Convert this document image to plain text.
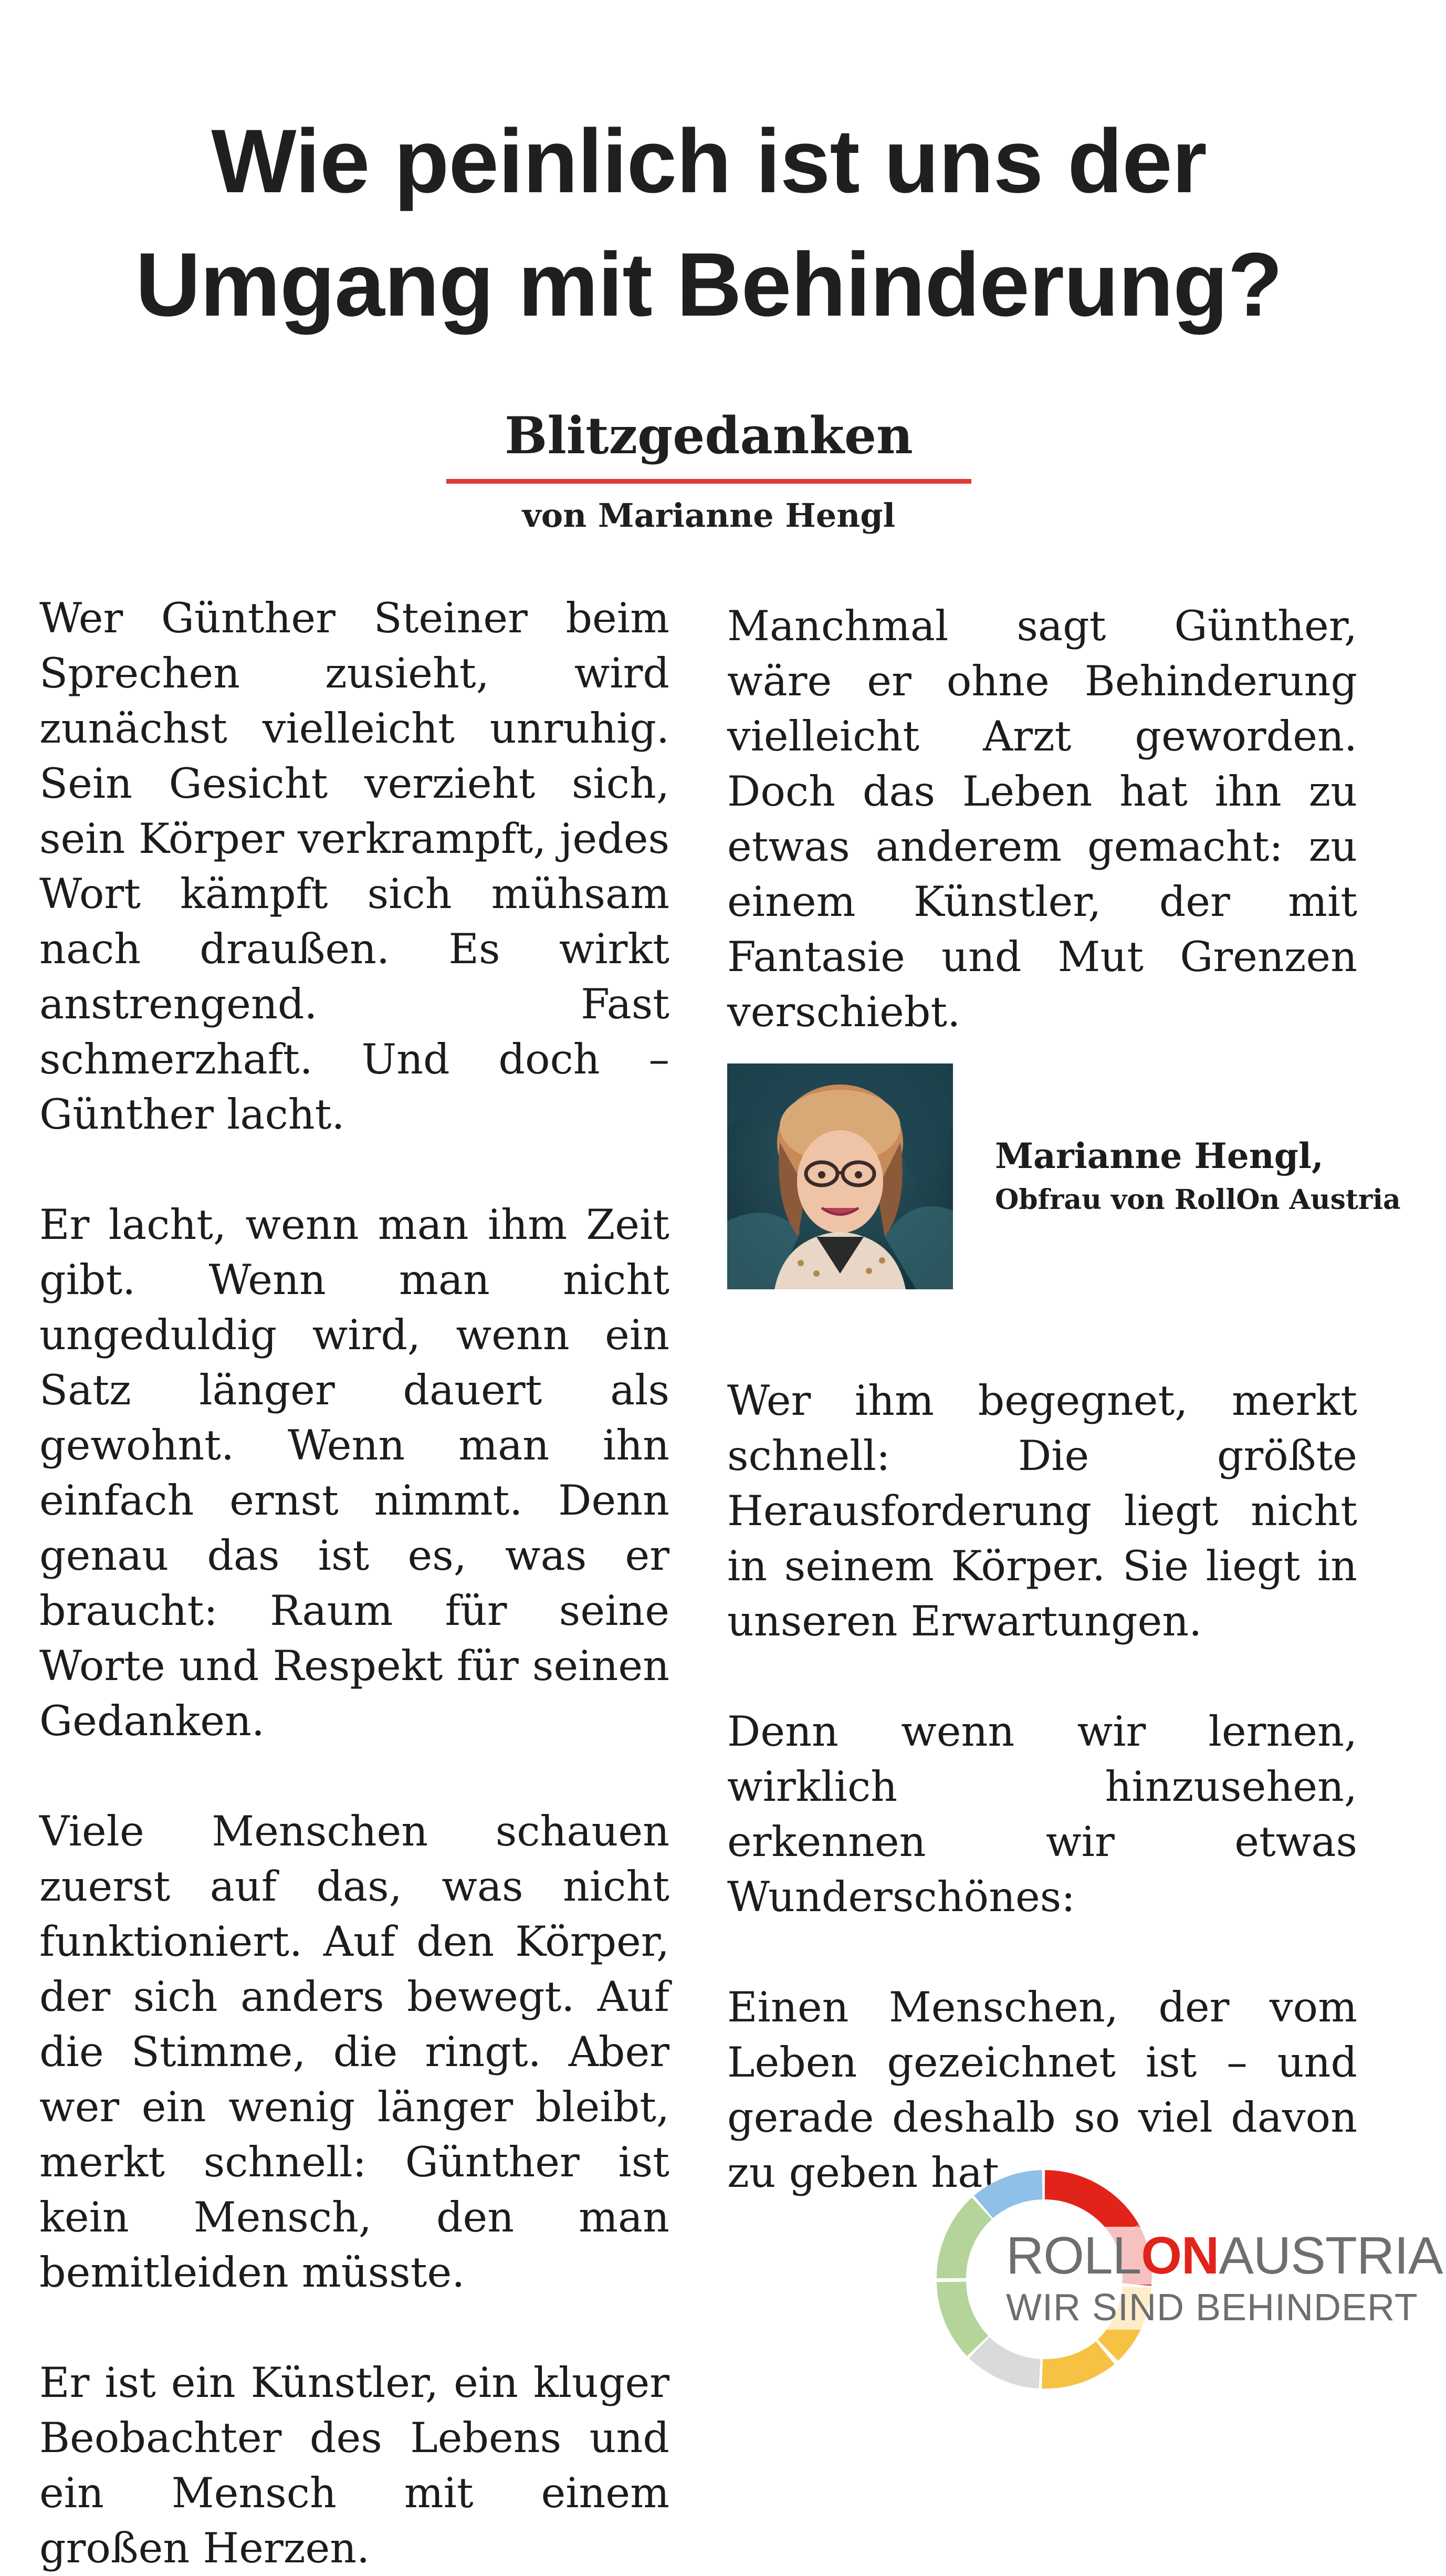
Wie peinlich ist uns der
Umgang mit Behinderung?
Blitzgedanken
von Marianne Hengl

Wer Günther Steiner beim Sprechen zusieht, wird zunächst vielleicht unruhig. Sein Gesicht verzieht sich, sein Körper verkrampft, jedes Wort kämpft sich mühsam nach draußen. Es wirkt anstrengend. Fast schmerzhaft. Und doch – Günther lacht.

Er lacht, wenn man ihm Zeit gibt. Wenn man nicht ungeduldig wird, wenn ein Satz länger dauert als gewohnt. Wenn man ihn einfach ernst nimmt. Denn genau das ist es, was er braucht: Raum für seine Worte und Respekt für seinen Gedanken.

Viele Menschen schauen zuerst auf das, was nicht funktioniert. Auf den Körper, der sich anders bewegt. Auf die Stimme, die ringt. Aber wer ein wenig länger bleibt, merkt schnell: Günther ist kein Mensch, den man bemitleiden müsste.

Er ist ein Künstler, ein kluger Beobachter des Lebens und ein Mensch mit einem großen Herzen.

Manchmal sagt Günther, wäre er ohne Behinderung vielleicht Arzt geworden. Doch das Leben hat ihn zu etwas anderem gemacht: zu einem Künstler, der mit Fantasie und Mut Grenzen verschiebt.

Marianne Hengl,
Obfrau von RollOn Austria

Wer ihm begegnet, merkt schnell: Die größte Herausforderung liegt nicht in seinem Körper. Sie liegt in unseren Erwartungen.

Denn wenn wir lernen, wirklich hinzusehen, erkennen wir etwas Wunderschönes:

Einen Menschen, der vom Leben gezeichnet ist – und gerade deshalb so viel davon zu geben hat.

ROLLONAUSTRIA
WIR SIND BEHINDERT
